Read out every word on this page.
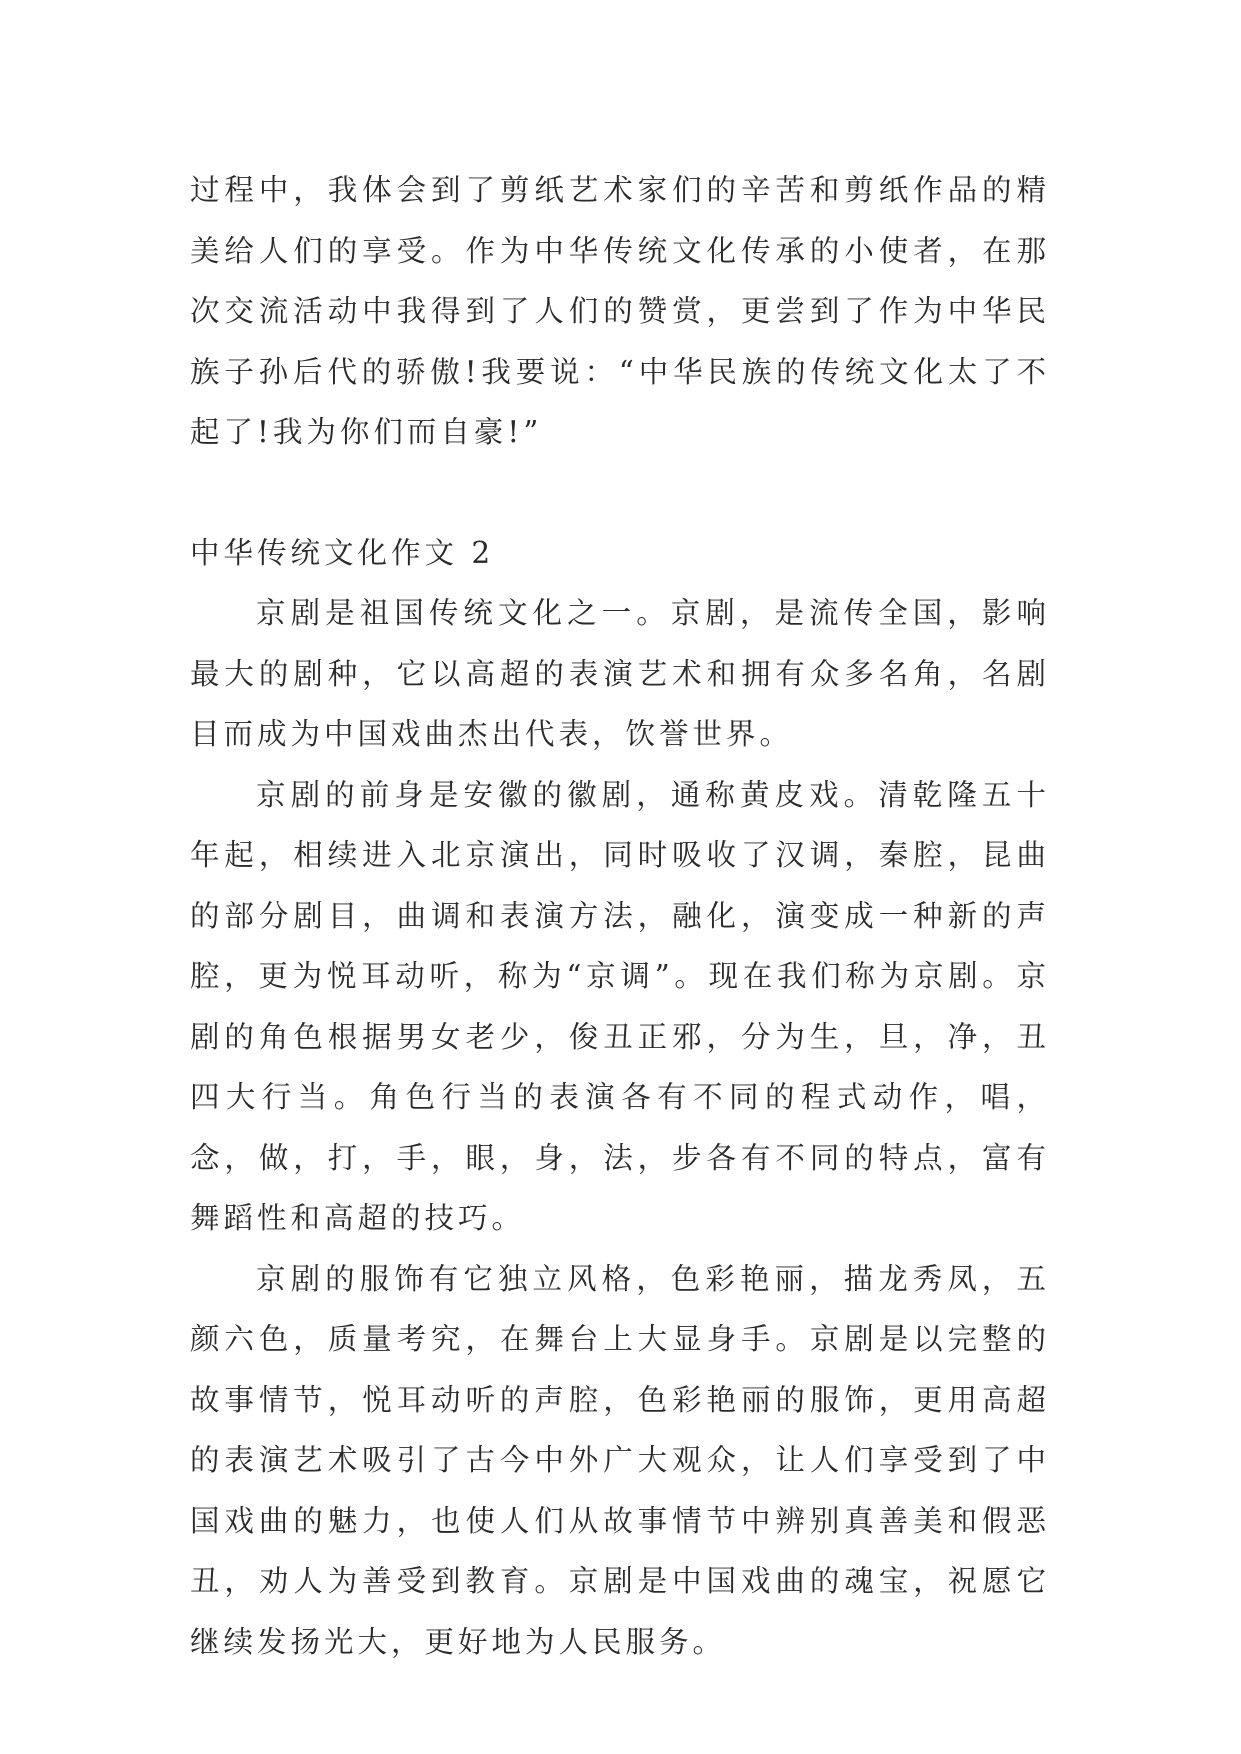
过程中，我体会到了剪纸艺术家们的辛苦和剪纸作品的精美给人们的享受。作为中华传统文化传承的小使者，在那次交流活动中我得到了人们的赞赏，更尝到了作为中华民族子孙后代的骄傲!我要说：“中华民族的传统文化太了不起了!我为你们而自豪!”

中华传统文化作文 2

京剧是祖国传统文化之一。京剧，是流传全国，影响最大的剧种，它以高超的表演艺术和拥有众多名角，名剧目而成为中国戏曲杰出代表，饮誉世界。

京剧的前身是安徽的徽剧，通称黄皮戏。清乾隆五十年起，相续进入北京演出，同时吸收了汉调，秦腔，昆曲的部分剧目，曲调和表演方法，融化，演变成一种新的声腔，更为悦耳动听，称为“京调”。现在我们称为京剧。京剧的角色根据男女老少，俊丑正邪，分为生，旦，净，丑四大行当。角色行当的表演各有不同的程式动作，唱，念，做，打，手，眼，身，法，步各有不同的特点，富有舞蹈性和高超的技巧。

京剧的服饰有它独立风格，色彩艳丽，描龙秀凤，五颜六色，质量考究，在舞台上大显身手。京剧是以完整的故事情节，悦耳动听的声腔，色彩艳丽的服饰，更用高超的表演艺术吸引了古今中外广大观众，让人们享受到了中国戏曲的魅力，也使人们从故事情节中辨别真善美和假恶丑，劝人为善受到教育。京剧是中国戏曲的魂宝，祝愿它继续发扬光大，更好地为人民服务。
